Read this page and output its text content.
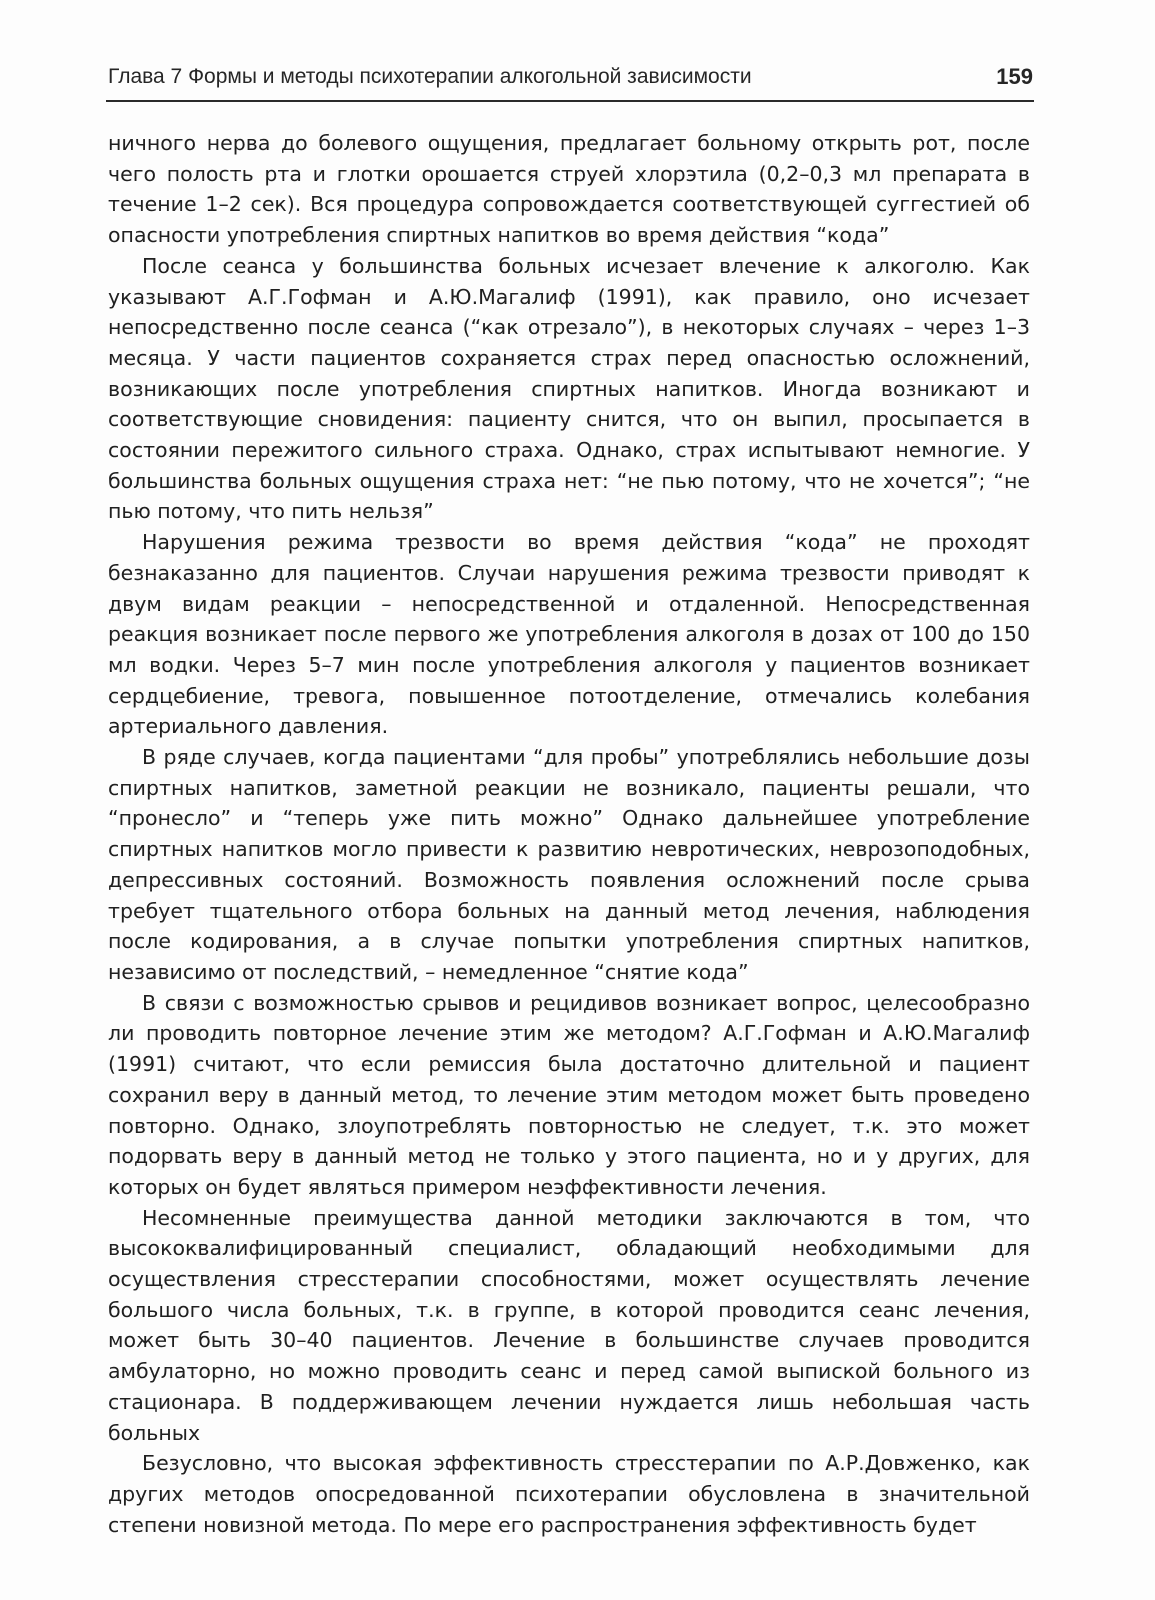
Глава 7 Формы и методы психотерапии алкогольной зависимости	159

ничного нерва до болевого ощущения, предлагает больному открыть рот, после чего полость рта и глотки орошается струей хлорэтила (0,2–0,3 мл препарата в течение 1–2 сек). Вся процедура сопровождается соответствующей суггестией об опасности употребления спиртных напитков во время действия “кода”

После сеанса у большинства больных исчезает влечение к алкоголю. Как указывают А.Г.Гофман и А.Ю.Магалиф (1991), как правило, оно исчезает непосредственно после сеанса (“как отрезало”), в некоторых случаях – через 1–3 месяца. У части пациентов сохраняется страх перед опасностью осложнений, возникающих после употребления спиртных напитков. Иногда возникают и соответствующие сновидения: пациенту снится, что он выпил, просыпается в состоянии пережитого сильного страха. Однако, страх испытывают немногие. У большинства больных ощущения страха нет: “не пью потому, что не хочется”; “не пью потому, что пить нельзя”

Нарушения режима трезвости во время действия “кода” не проходят безнаказанно для пациентов. Случаи нарушения режима трезвости приводят к двум видам реакции – непосредственной и отдаленной. Непосредственная реакция возникает после первого же употребления алкоголя в дозах от 100 до 150 мл водки. Через 5–7 мин после употребления алкоголя у пациентов возникает сердцебиение, тревога, повышенное потоотделение, отмечались колебания артериального давления.

В ряде случаев, когда пациентами “для пробы” употреблялись небольшие дозы спиртных напитков, заметной реакции не возникало, пациенты решали, что “пронесло” и “теперь уже пить можно” Однако дальнейшее употребление спиртных напитков могло привести к развитию невротических, неврозоподобных, депрессивных состояний. Возможность появления осложнений после срыва требует тщательного отбора больных на данный метод лечения, наблюдения после кодирования, а в случае попытки употребления спиртных напитков, независимо от последствий, – немедленное “снятие кода”

В связи с возможностью срывов и рецидивов возникает вопрос, целесообразно ли проводить повторное лечение этим же методом? А.Г.Гофман и А.Ю.Магалиф (1991) считают, что если ремиссия была достаточно длительной и пациент сохранил веру в данный метод, то лечение этим методом может быть проведено повторно. Однако, злоупотреблять повторностью не следует, т.к. это может подорвать веру в данный метод не только у этого пациента, но и у других, для которых он будет являться примером неэффективности лечения.

Несомненные преимущества данной методики заключаются в том, что высококвалифицированный специалист, обладающий необходимыми для осуществления стресстерапии способностями, может осуществлять лечение большого числа больных, т.к. в группе, в которой проводится сеанс лечения, может быть 30–40 пациентов. Лечение в большинстве случаев проводится амбулаторно, но можно проводить сеанс и перед самой выпиской больного из стационара. В поддерживающем лечении нуждается лишь небольшая часть больных

Безусловно, что высокая эффективность стресстерапии по А.Р.Довженко, как других методов опосредованной психотерапии обусловлена в значительной степени новизной метода. По мере его распространения эффективность будет
